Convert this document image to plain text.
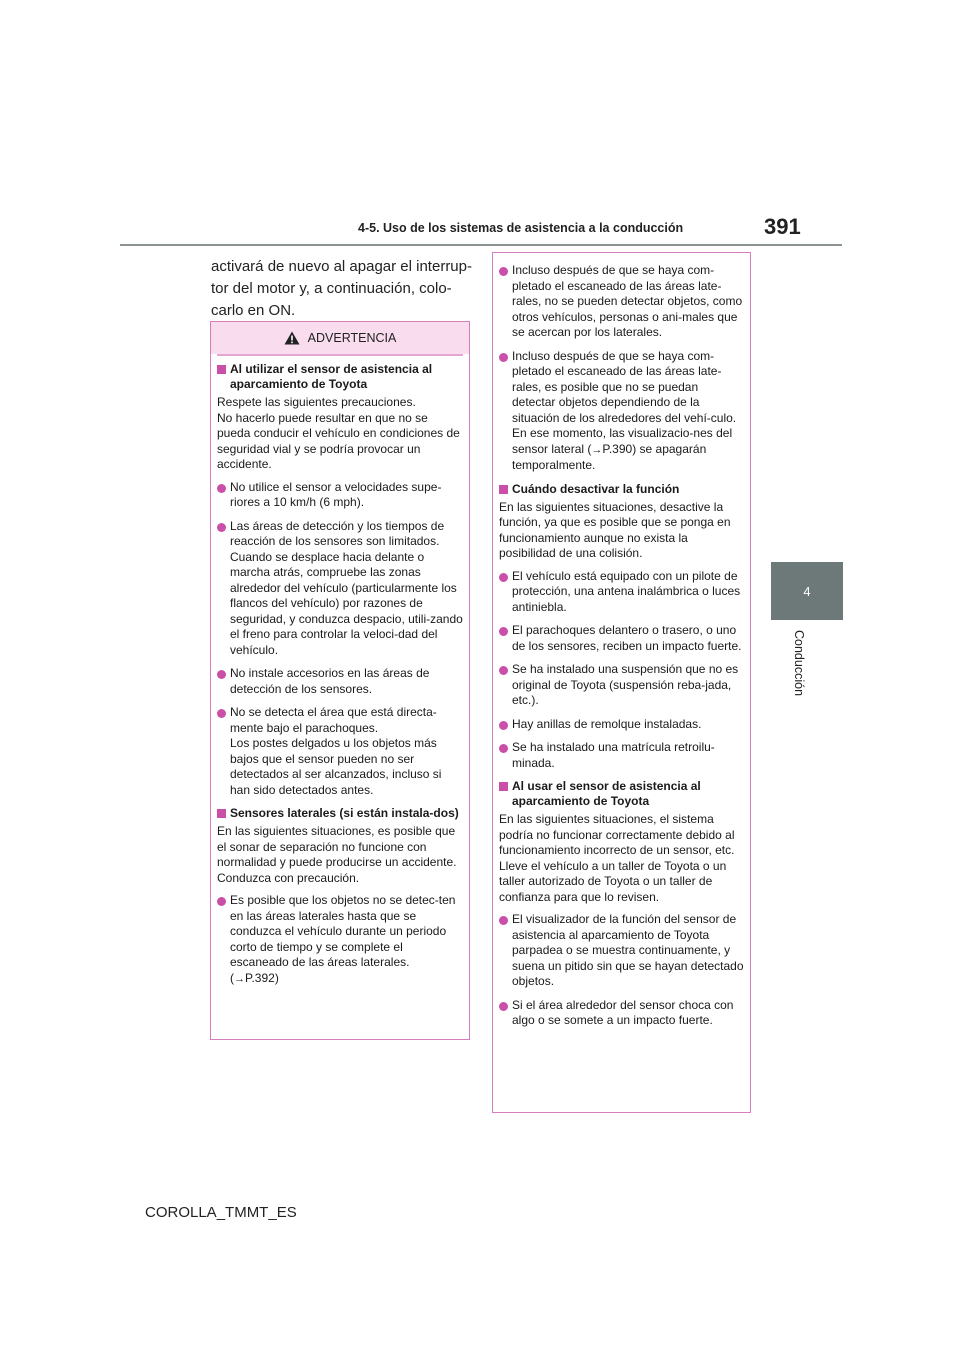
4-5. Uso de los sistemas de asistencia a la conducción	391
4
Conducción

activará de nuevo al apagar el interrup-tor del motor y, a continuación, colo-carlo en ON.

ADVERTENCIA
Al utilizar el sensor de asistencia al aparcamiento de Toyota

Respete las siguientes precauciones.
No hacerlo puede resultar en que no se pueda conducir el vehículo en condiciones de seguridad vial y se podría provocar un accidente.

No utilice el sensor a velocidades supe-riores a 10 km/h (6 mph).
Las áreas de detección y los tiempos de reacción de los sensores son limitados. Cuando se desplace hacia delante o marcha atrás, compruebe las zonas alrededor del vehículo (particularmente los flancos del vehículo) por razones de seguridad, y conduzca despacio, utili-zando el freno para controlar la veloci-dad del vehículo.
No instale accesorios en las áreas de detección de los sensores.
No se detecta el área que está directa-mente bajo el parachoques.
Los postes delgados u los objetos más bajos que el sensor pueden no ser detectados al ser alcanzados, incluso si han sido detectados antes.
Sensores laterales (si están instala-dos)

En las siguientes situaciones, es posible que el sonar de separación no funcione con normalidad y puede producirse un accidente. Conduzca con precaución.

Es posible que los objetos no se detec-ten en las áreas laterales hasta que se conduzca el vehículo durante un periodo corto de tiempo y se complete el escaneado de las áreas laterales.
(→P.392)
Incluso después de que se haya com-pletado el escaneado de las áreas late-rales, no se pueden detectar objetos, como otros vehículos, personas o ani-males que se acercan por los laterales.
Incluso después de que se haya com-pletado el escaneado de las áreas late-rales, es posible que no se puedan detectar objetos dependiendo de la situación de los alrededores del vehí-culo. En ese momento, las visualizacio-nes del sensor lateral (→P.390) se apagarán temporalmente.
Cuándo desactivar la función

En las siguientes situaciones, desactive la función, ya que es posible que se ponga en funcionamiento aunque no exista la posibilidad de una colisión.

El vehículo está equipado con un pilote de protección, una antena inalámbrica o luces antiniebla.
El parachoques delantero o trasero, o uno de los sensores, reciben un impacto fuerte.
Se ha instalado una suspensión que no es original de Toyota (suspensión reba-jada, etc.).
Hay anillas de remolque instaladas.
Se ha instalado una matrícula retroilu-minada.
Al usar el sensor de asistencia al aparcamiento de Toyota

En las siguientes situaciones, el sistema podría no funcionar correctamente debido al funcionamiento incorrecto de un sensor, etc. Lleve el vehículo a un taller de Toyota o un taller autorizado de Toyota o un taller de confianza para que lo revisen.

El visualizador de la función del sensor de asistencia al aparcamiento de Toyota parpadea o se muestra continuamente, y suena un pitido sin que se hayan detectado objetos.
Si el área alrededor del sensor choca con algo o se somete a un impacto fuerte.
COROLLA_TMMT_ES
